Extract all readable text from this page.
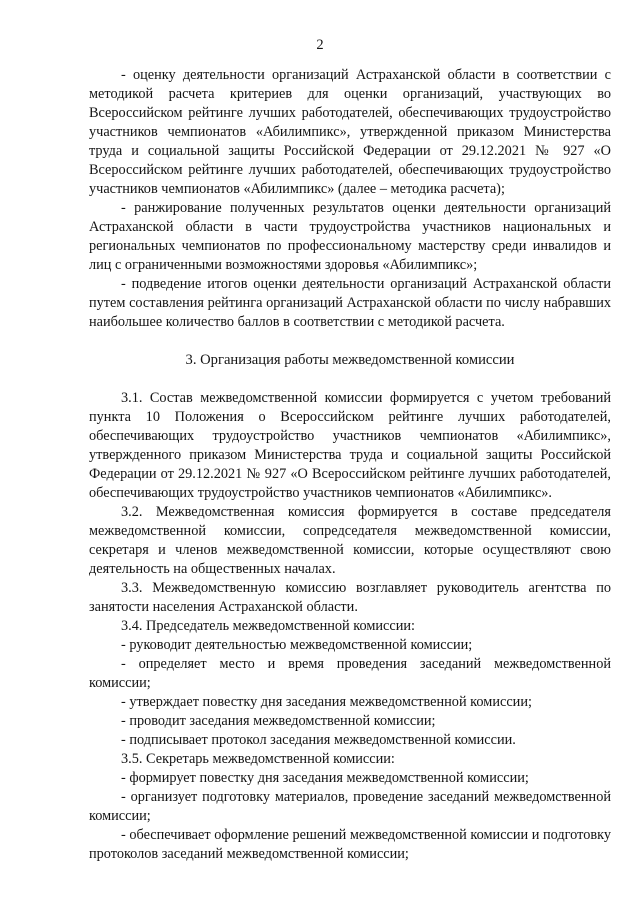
2

- оценку деятельности организаций Астраханской области в соответствии с методикой расчета критериев для оценки организаций, участвующих во Всероссийском рейтинге лучших работодателей, обеспечивающих трудоустройство участников чемпионатов «Абилимпикс», утвержденной приказом Министерства труда и социальной защиты Российской Федерации от 29.12.2021 № 927 «О Всероссийском рейтинге лучших работодателей, обеспечивающих трудоустройство участников чемпионатов «Абилимпикс» (далее – методика расчета);

- ранжирование полученных результатов оценки деятельности организаций Астраханской области в части трудоустройства участников национальных и региональных чемпионатов по профессиональному мастерству среди инвалидов и лиц с ограниченными возможностями здоровья «Абилимпикс»;

- подведение итогов оценки деятельности организаций Астраханской области путем составления рейтинга организаций Астраханской области по числу набравших наибольшее количество баллов в соответствии с методикой расчета.

3. Организация работы межведомственной комиссии

3.1. Состав межведомственной комиссии формируется с учетом требований пункта 10 Положения о Всероссийском рейтинге лучших работодателей, обеспечивающих трудоустройство участников чемпионатов «Абилимпикс», утвержденного приказом Министерства труда и социальной защиты Российской Федерации от 29.12.2021 № 927 «О Всероссийском рейтинге лучших работодателей, обеспечивающих трудоустройство участников чемпионатов «Абилимпикс».

3.2. Межведомственная комиссия формируется в составе председателя межведомственной комиссии, сопредседателя межведомственной комиссии, секретаря и членов межведомственной комиссии, которые осуществляют свою деятельность на общественных началах.

3.3. Межведомственную комиссию возглавляет руководитель агентства по занятости населения Астраханской области.

3.4. Председатель межведомственной комиссии:

- руководит деятельностью межведомственной комиссии;

- определяет место и время проведения заседаний межведомственной комиссии;

- утверждает повестку дня заседания межведомственной комиссии;

- проводит заседания межведомственной комиссии;

- подписывает протокол заседания межведомственной комиссии.

3.5. Секретарь межведомственной комиссии:

- формирует повестку дня заседания межведомственной комиссии;

- организует подготовку материалов, проведение заседаний межведомственной комиссии;

- обеспечивает оформление решений межведомственной комиссии и подготовку протоколов заседаний межведомственной комиссии;
